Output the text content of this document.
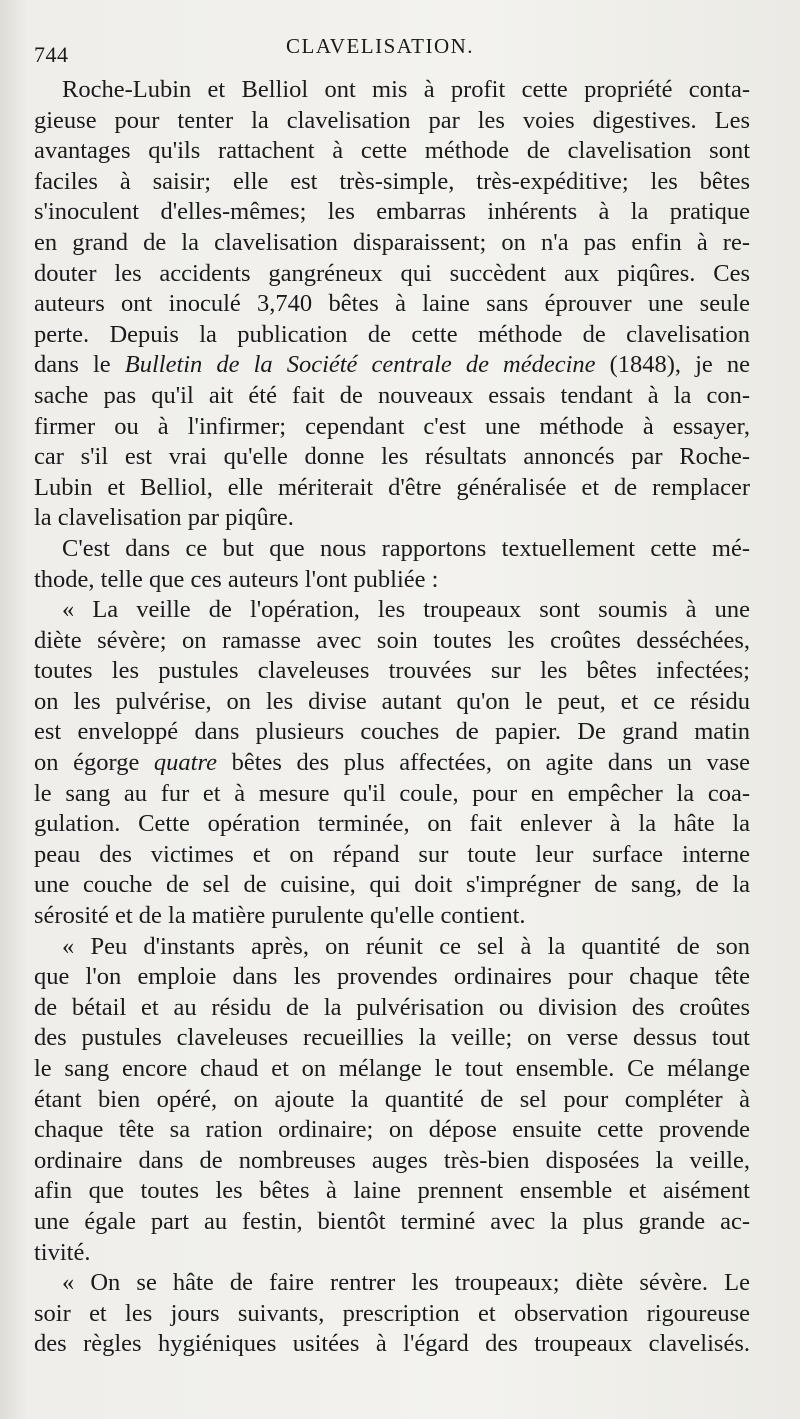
744	CLAVELISATION.
Roche-Lubin et Belliol ont mis à profit cette propriété conta-
gieuse pour tenter la clavelisation par les voies digestives. Les
avantages qu'ils rattachent à cette méthode de clavelisation sont
faciles à saisir; elle est très-simple, très-expéditive; les bêtes
s'inoculent d'elles-mêmes; les embarras inhérents à la pratique
en grand de la clavelisation disparaissent; on n'a pas enfin à re-
douter les accidents gangréneux qui succèdent aux piqûres. Ces
auteurs ont inoculé 3,740 bêtes à laine sans éprouver une seule
perte. Depuis la publication de cette méthode de clavelisation
dans le Bulletin de la Société centrale de médecine (1848), je ne
sache pas qu'il ait été fait de nouveaux essais tendant à la con-
firmer ou à l'infirmer; cependant c'est une méthode à essayer,
car s'il est vrai qu'elle donne les résultats annoncés par Roche-
Lubin et Belliol, elle mériterait d'être généralisée et de remplacer
la clavelisation par piqûre.
C'est dans ce but que nous rapportons textuellement cette mé-
thode, telle que ces auteurs l'ont publiée :
« La veille de l'opération, les troupeaux sont soumis à une
diète sévère; on ramasse avec soin toutes les croûtes desséchées,
toutes les pustules claveleuses trouvées sur les bêtes infectées;
on les pulvérise, on les divise autant qu'on le peut, et ce résidu
est enveloppé dans plusieurs couches de papier. De grand matin
on égorge quatre bêtes des plus affectées, on agite dans un vase
le sang au fur et à mesure qu'il coule, pour en empêcher la coa-
gulation. Cette opération terminée, on fait enlever à la hâte la
peau des victimes et on répand sur toute leur surface interne
une couche de sel de cuisine, qui doit s'imprégner de sang, de la
sérosité et de la matière purulente qu'elle contient.
« Peu d'instants après, on réunit ce sel à la quantité de son
que l'on emploie dans les provendes ordinaires pour chaque tête
de bétail et au résidu de la pulvérisation ou division des croûtes
des pustules claveleuses recueillies la veille; on verse dessus tout
le sang encore chaud et on mélange le tout ensemble. Ce mélange
étant bien opéré, on ajoute la quantité de sel pour compléter à
chaque tête sa ration ordinaire; on dépose ensuite cette provende
ordinaire dans de nombreuses auges très-bien disposées la veille,
afin que toutes les bêtes à laine prennent ensemble et aisément
une égale part au festin, bientôt terminé avec la plus grande ac-
tivité.
« On se hâte de faire rentrer les troupeaux; diète sévère. Le
soir et les jours suivants, prescription et observation rigoureuse
des règles hygiéniques usitées à l'égard des troupeaux clavelisés.
